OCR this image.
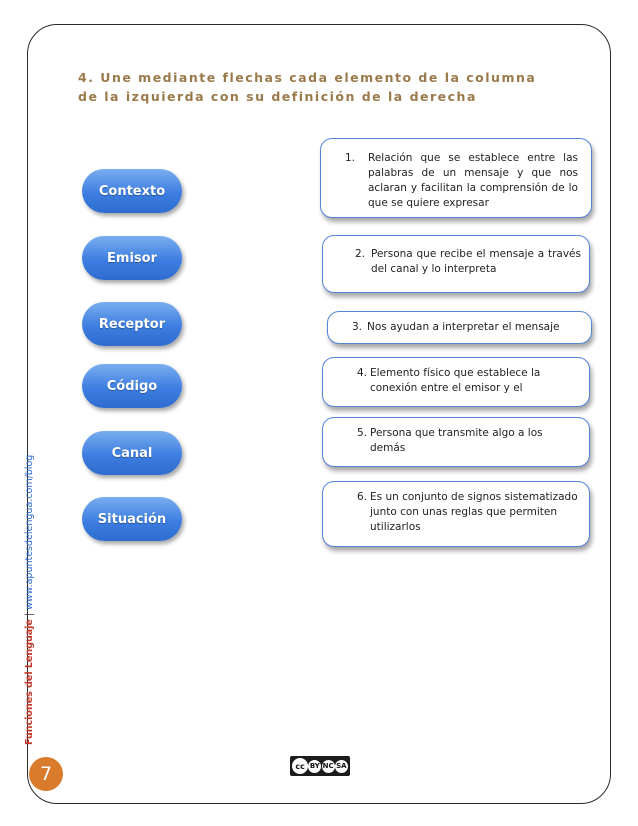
4. Une mediante flechas cada elemento de la columna de la izquierda con su definición de la derecha
Contexto
Emisor
Receptor
Código
Canal
Situación
1. Relación que se establece entre las palabras de un mensaje y que nos aclaran y facilitan la comprensión de lo que se quiere expresar
2. Persona que recibe el mensaje a través del canal y lo interpreta
3. Nos ayudan a interpretar el mensaje
4. Elemento físico que establece la conexión entre el emisor y el
5. Persona que transmite algo a los demás
6. Es un conjunto de signos sistematizado junto con unas reglas que permiten utilizarlos
Funciones del Lenguaje | www.apuntesdelengua.com/blog
7	cc BY NC SA
